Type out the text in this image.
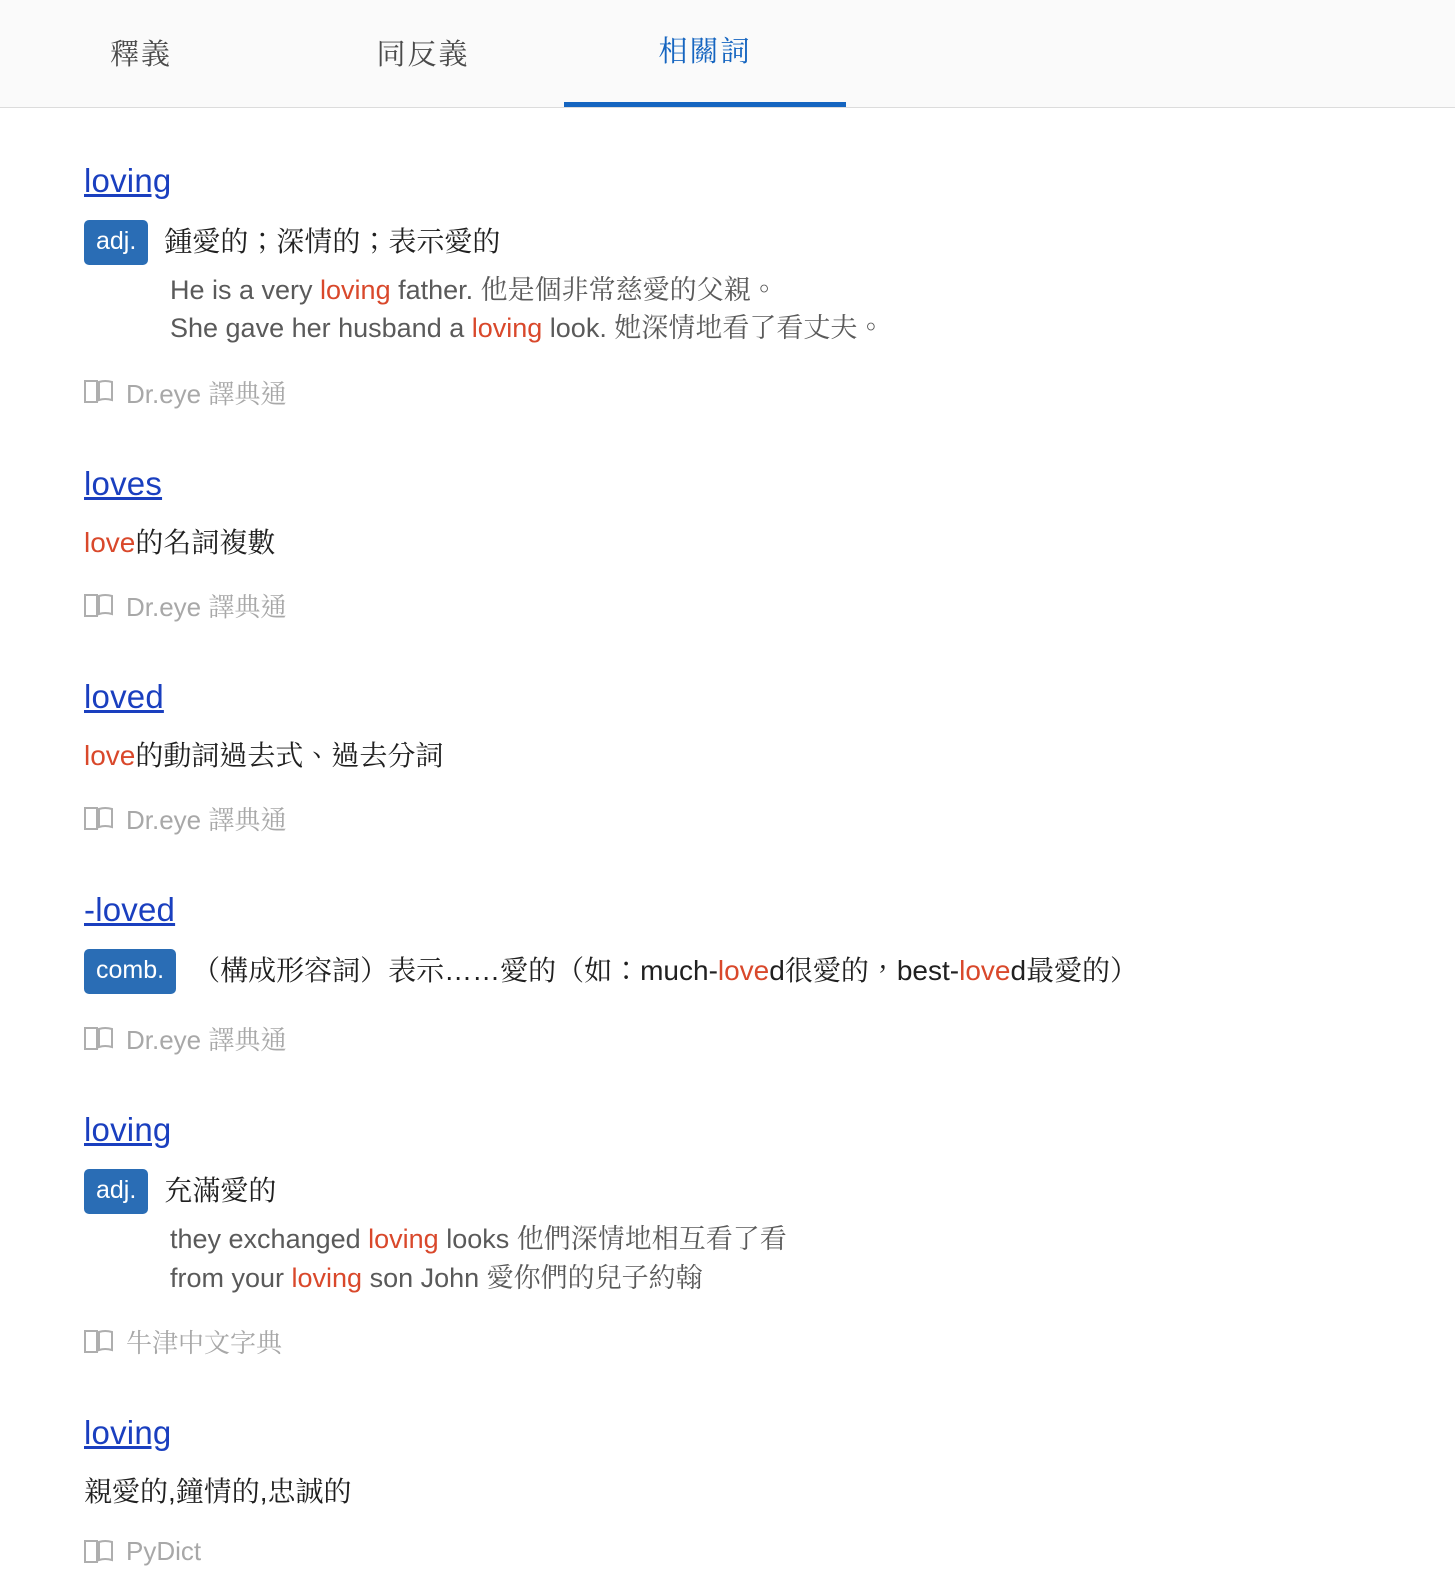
釋義	同反義	相關詞
loving
adj.	鍾愛的；深情的；表示愛的
He is a very loving father. 他是個非常慈愛的父親。
She gave her husband a loving look. 她深情地看了看丈夫。
Dr.eye 譯典通
loves
love的名詞複數
Dr.eye 譯典通
loved
love的動詞過去式、過去分詞
Dr.eye 譯典通
-loved
comb.	（構成形容詞）表示……愛的（如：much-loved很愛的，best-loved最愛的）
Dr.eye 譯典通
loving
adj.	充滿愛的
they exchanged loving looks 他們深情地相互看了看
from your loving son John 愛你們的兒子約翰
牛津中文字典
loving
親愛的,鐘情的,忠誠的
PyDict
